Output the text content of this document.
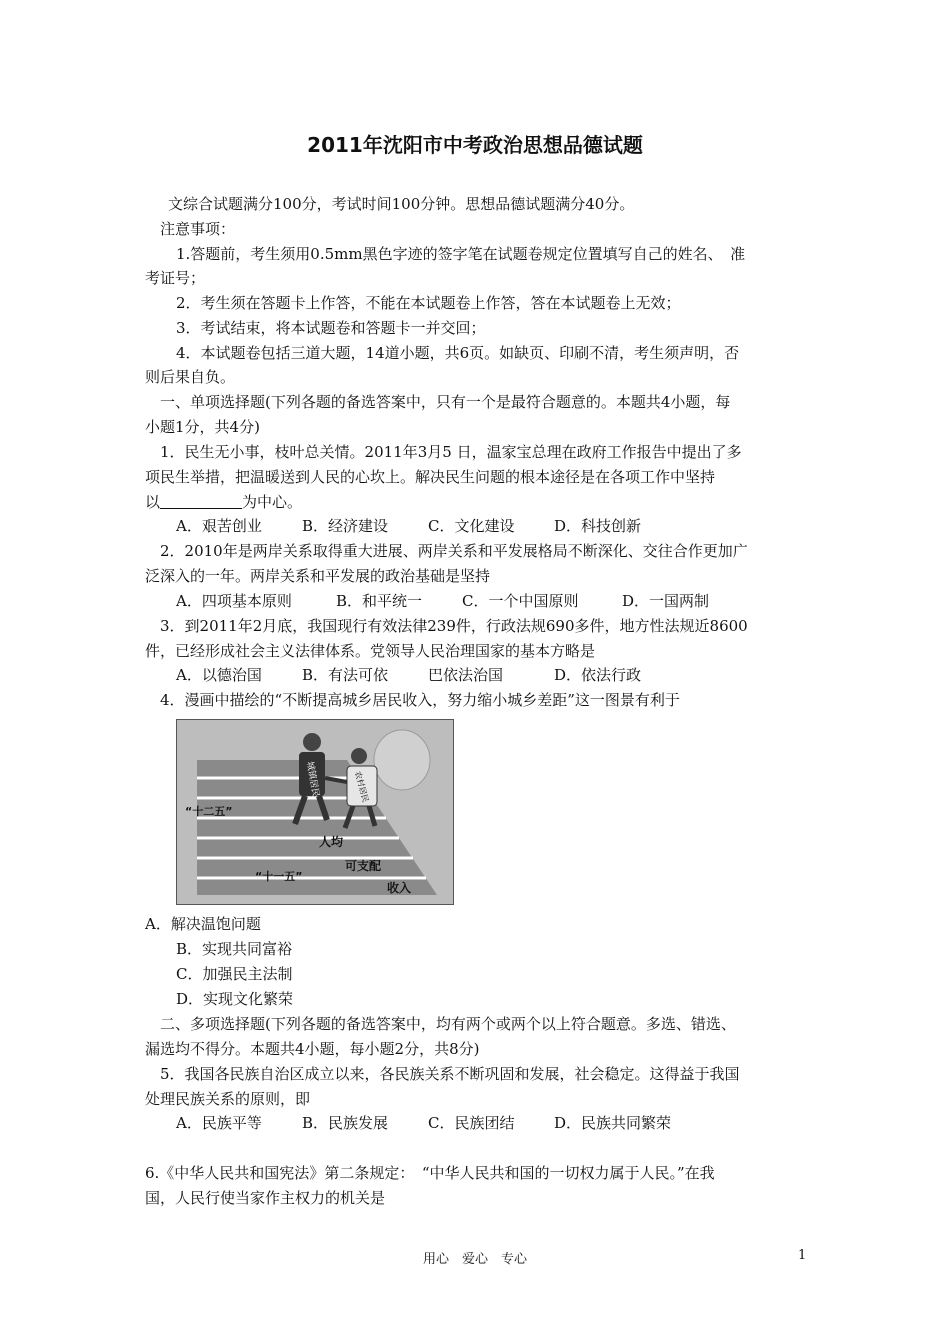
2011年沈阳市中考政治思想品德试题
文综合试题满分100分，考试时间100分钟。思想品德试题满分40分。
注意事项：
1.答题前，考生须用0.5mm黑色字迹的签字笔在试题卷规定位置填写自己的姓名、　准
考证号；
2．考生须在答题卡上作答，不能在本试题卷上作答，答在本试题卷上无效；
3．考试结束，将本试题卷和答题卡一并交回；
4．本试题卷包括三道大题，14道小题，共6页。如缺页、印刷不清，考生须声明，否
则后果自负。
一、单项选择题(下列各题的备选答案中，只有一个是最符合题意的。本题共4小题，每
小题1分，共4分)
1．民生无小事，枝叶总关情。2011年3月5 日，温家宝总理在政府工作报告中提出了多
项民生举措，把温暖送到人民的心坎上。解决民生问题的根本途径是在各项工作中坚持
以	为中心。
A．艰苦创业	B．经济建设	C．文化建设	D．科技创新
2．2010年是两岸关系取得重大进展、两岸关系和平发展格局不断深化、交往合作更加广
泛深入的一年。两岸关系和平发展的政治基础是坚持
A．四项基本原则	B．和平统一	C．一个中国原则	D．一国两制
3．到2011年2月底，我国现行有效法律239件，行政法规690多件，地方性法规近8600
件，已经形成社会主义法律体系。党领导人民治理国家的基本方略是
A．以德治国	B．有法可依	巴依法治国	D．依法行政
4．漫画中描绘的“不断提高城乡居民收入，努力缩小城乡差距”这一图景有利于
城镇居民	农村居民
“十二五”
“十一五”
人均
可支配
收入
A．解决温饱问题
B．实现共同富裕
C．加强民主法制
D．实现文化繁荣
二、多项选择题(下列各题的备选答案中，均有两个或两个以上符合题意。多选、错选、
漏选均不得分。本题共4小题，每小题2分，共8分)
5．我国各民族自治区成立以来，各民族关系不断巩固和发展，社会稳定。这得益于我国
处理民族关系的原则，即
A．民族平等	B．民族发展	C．民族团结	D．民族共同繁荣
6.《中华人民共和国宪法》第二条规定：　“中华人民共和国的一切权力属于人民。”在我
国，人民行使当家作主权力的机关是
用心　爱心　专心	1
